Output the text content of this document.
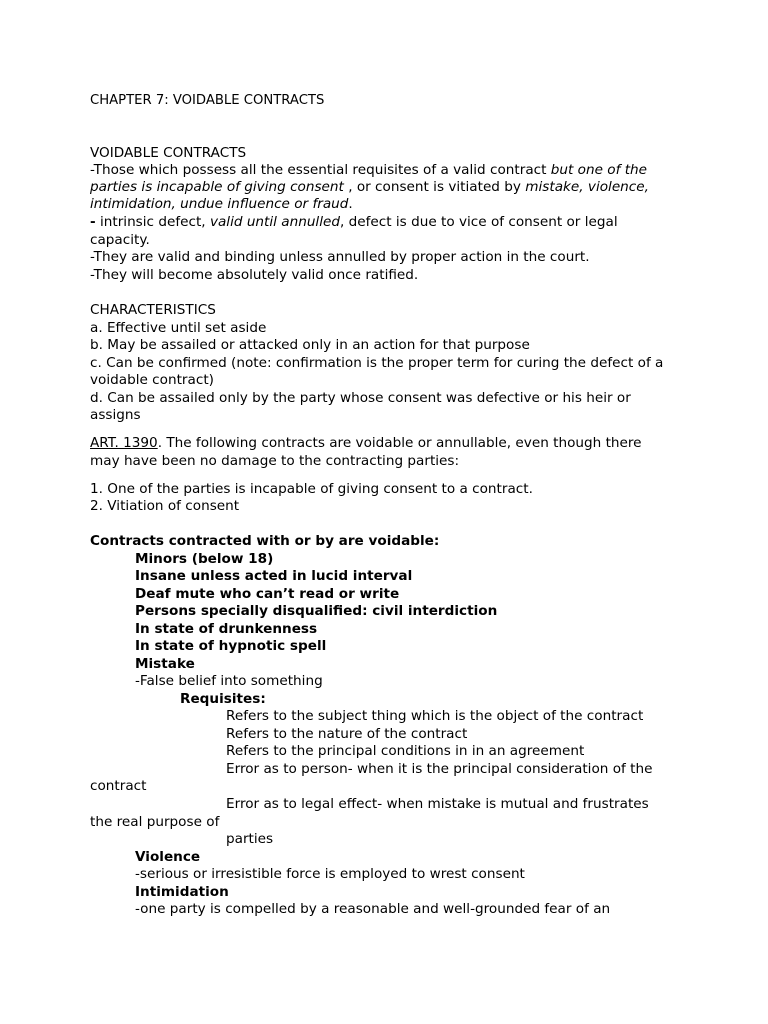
CHAPTER 7: VOIDABLE CONTRACTS
VOIDABLE CONTRACTS
-Those which possess all the essential requisites of a valid contract but one of the
parties is incapable of giving consent , or consent is vitiated by mistake, violence,
intimidation, undue influence or fraud.
- intrinsic defect, valid until annulled, defect is due to vice of consent or legal
capacity.
-They are valid and binding unless annulled by proper action in the court.
-They will become absolutely valid once ratified.
CHARACTERISTICS
a. Effective until set aside
b. May be assailed or attacked only in an action for that purpose
c. Can be confirmed (note: confirmation is the proper term for curing the defect of a
voidable contract)
d. Can be assailed only by the party whose consent was defective or his heir or
assigns
ART. 1390. The following contracts are voidable or annullable, even though there
may have been no damage to the contracting parties:
1. One of the parties is incapable of giving consent to a contract.
2. Vitiation of consent
Contracts contracted with or by are voidable:
Minors (below 18)
Insane unless acted in lucid interval
Deaf mute who can’t read or write
Persons specially disqualified: civil interdiction
In state of drunkenness
In state of hypnotic spell
Mistake
-False belief into something
Requisites:
Refers to the subject thing which is the object of the contract
Refers to the nature of the contract
Refers to the principal conditions in in an agreement
Error as to person- when it is the principal consideration of the
contract
Error as to legal effect- when mistake is mutual and frustrates
the real purpose of
parties
Violence
-serious or irresistible force is employed to wrest consent
Intimidation
-one party is compelled by a reasonable and well-grounded fear of an
